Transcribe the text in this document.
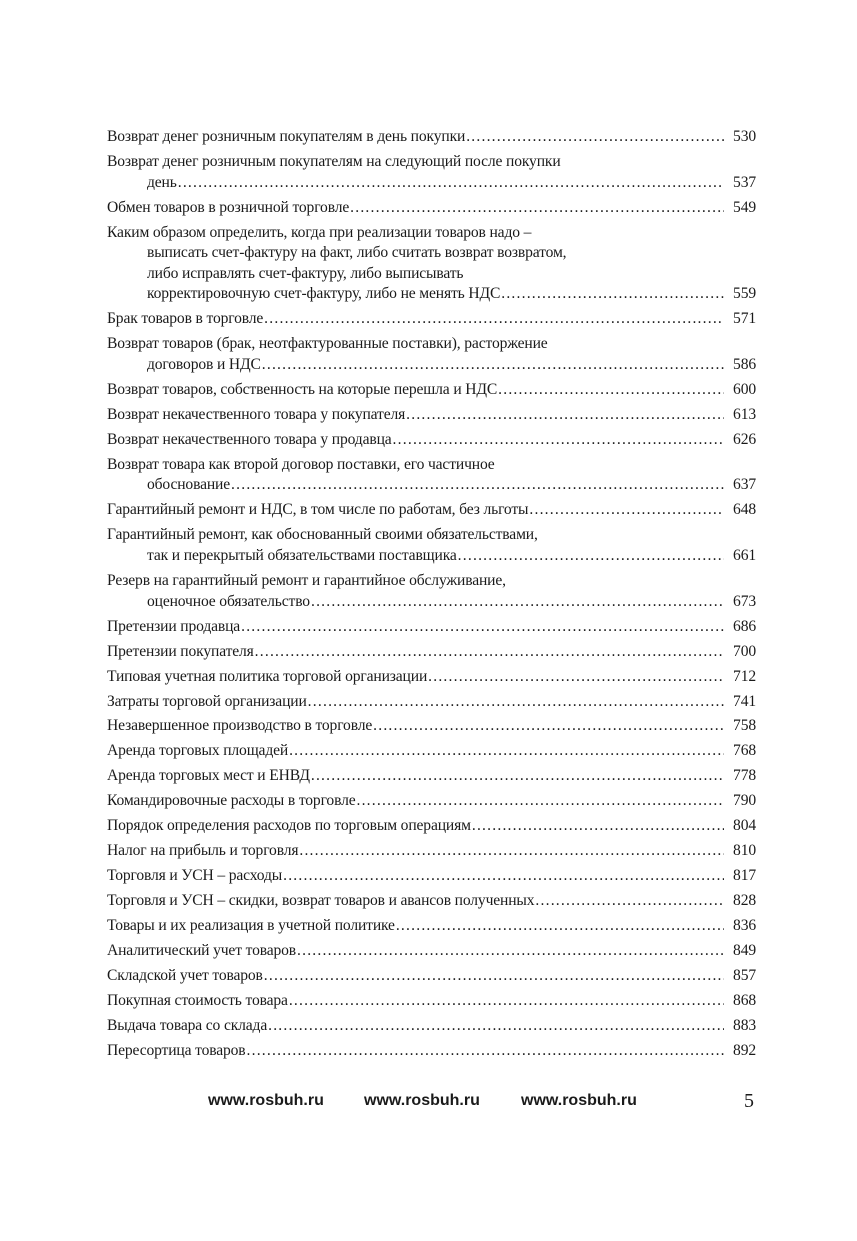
Возврат денег розничным покупателям в день покупки .....	530
Возврат денег розничным покупателям на следующий после покупки
день .....	537
Обмен товаров в розничной торговле .....	549
Каким образом определить, когда при реализации товаров надо –
выписать счет-фактуру на факт, либо считать возврат возвратом,
либо исправлять счет-фактуру, либо выписывать
корректировочную счет-фактуру, либо не менять НДС .....	559
Брак товаров в торговле .....	571
Возврат товаров (брак, неотфактурованные поставки), расторжение
договоров и НДС .....	586
Возврат товаров, собственность на которые перешла и НДС .....	600
Возврат некачественного товара у покупателя .....	613
Возврат некачественного товара у продавца .....	626
Возврат товара как второй договор поставки, его частичное
обоснование .....	637
Гарантийный ремонт и НДС, в том числе по работам, без льготы .....	648
Гарантийный ремонт, как обоснованный своими обязательствами,
так и перекрытый обязательствами поставщика .....	661
Резерв на гарантийный ремонт и гарантийное обслуживание,
оценочное обязательство .....	673
Претензии продавца .....	686
Претензии покупателя .....	700
Типовая учетная политика торговой организации .....	712
Затраты торговой организации .....	741
Незавершенное производство в торговле .....	758
Аренда торговых площадей .....	768
Аренда торговых мест и ЕНВД .....	778
Командировочные расходы в торговле .....	790
Порядок определения расходов по торговым операциям .....	804
Налог на прибыль и торговля .....	810
Торговля и УСН – расходы .....	817
Торговля и УСН – скидки, возврат товаров и авансов полученных .....	828
Товары и их реализация в учетной политике .....	836
Аналитический учет товаров .....	849
Складской учет товаров .....	857
Покупная стоимость товара .....	868
Выдача товара со склада .....	883
Пересортица товаров .....	892
www.rosbuh.ru	www.rosbuh.ru	www.rosbuh.ru	5
